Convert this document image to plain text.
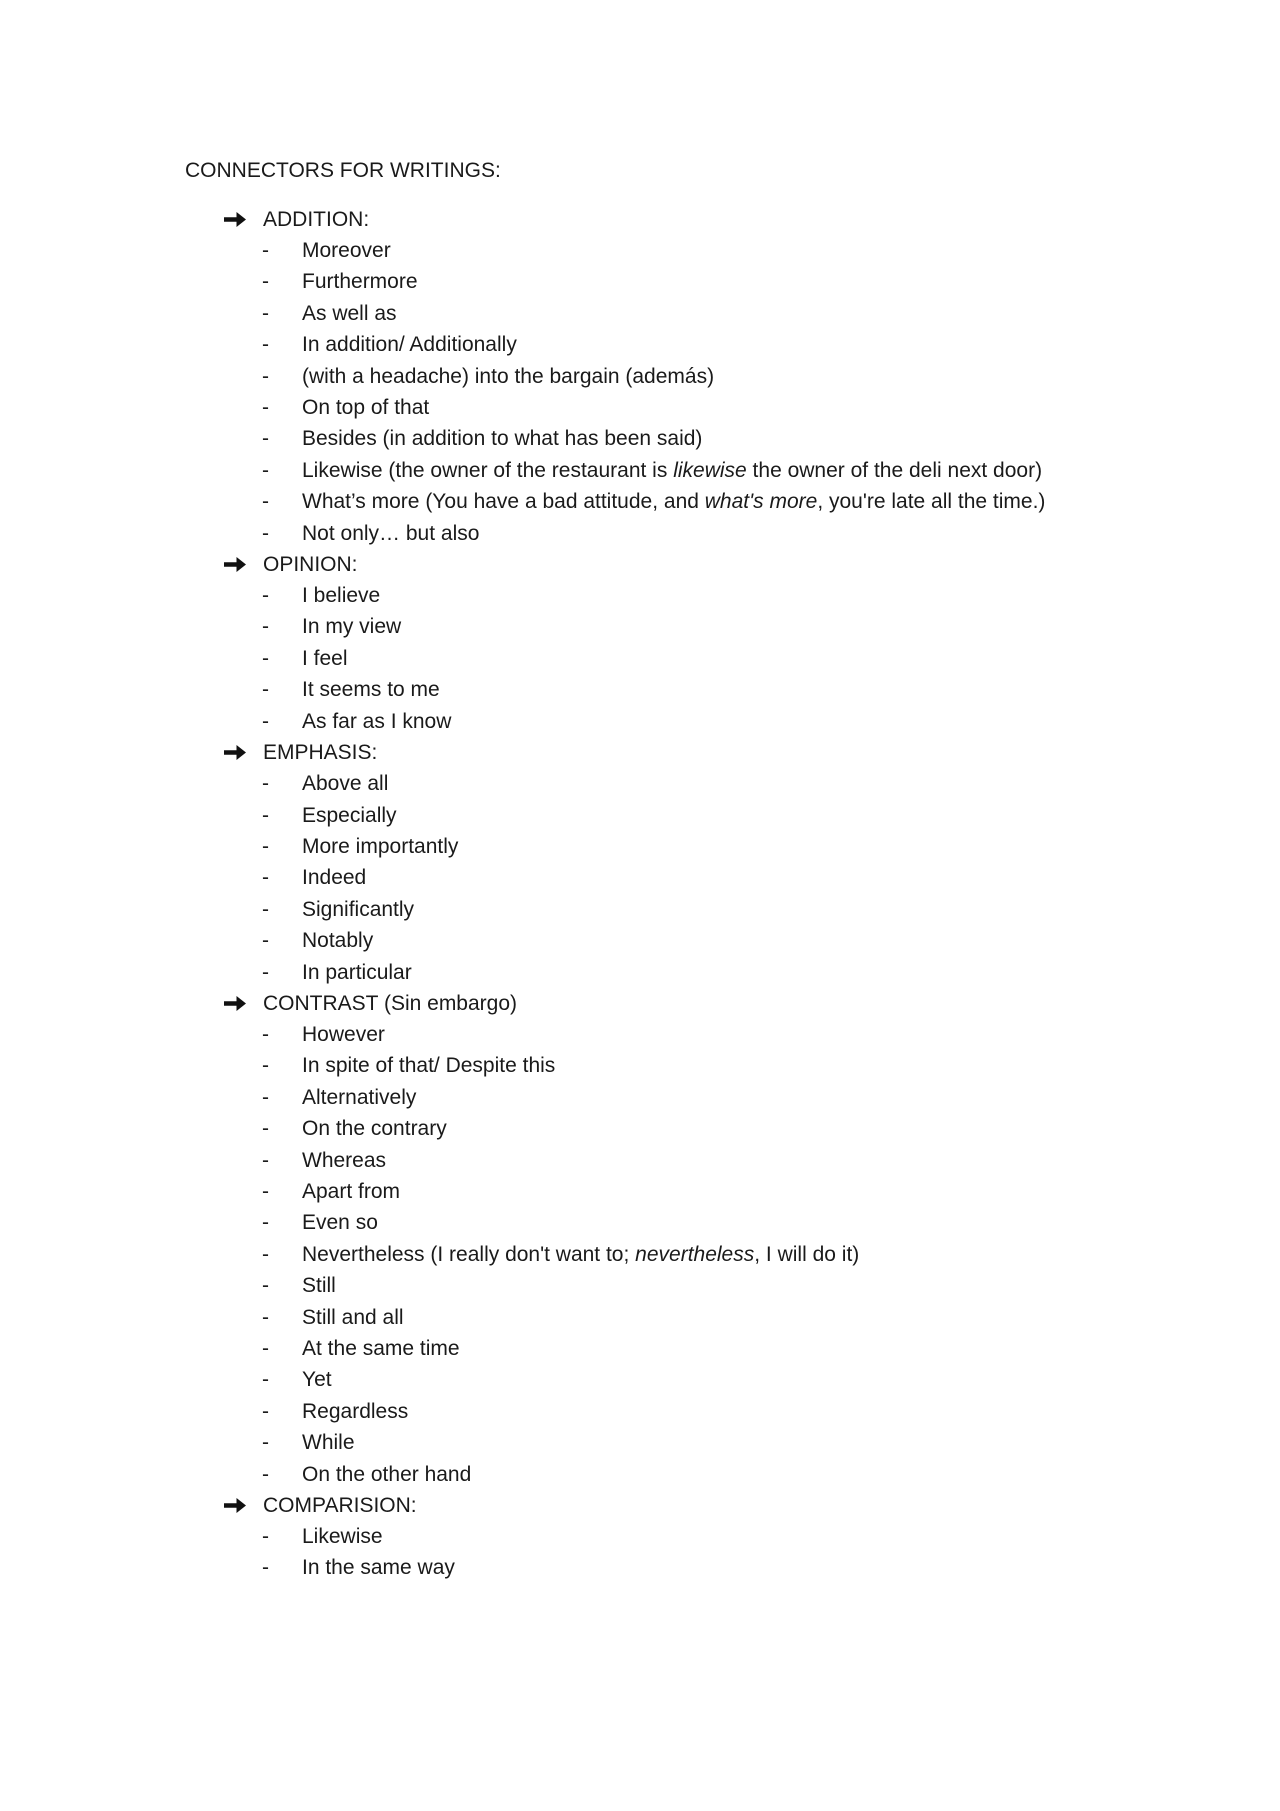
CONNECTORS FOR WRITINGS:
ADDITION:
- Moreover
- Furthermore
- As well as
- In addition/ Additionally
- (with a headache) into the bargain (además)
- On top of that
- Besides (in addition to what has been said)
- Likewise (the owner of the restaurant is likewise the owner of the deli next door)
- What’s more (You have a bad attitude, and what's more, you're late all the time.)
- Not only… but also
OPINION:
- I believe
- In my view
- I feel
- It seems to me
- As far as I know
EMPHASIS:
- Above all
- Especially
- More importantly
- Indeed
- Significantly
- Notably
- In particular
CONTRAST (Sin embargo)
- However
- In spite of that/ Despite this
- Alternatively
- On the contrary
- Whereas
- Apart from
- Even so
- Nevertheless (I really don't want to; nevertheless, I will do it)
- Still
- Still and all
- At the same time
- Yet
- Regardless
- While
- On the other hand
COMPARISION:
- Likewise
- In the same way
